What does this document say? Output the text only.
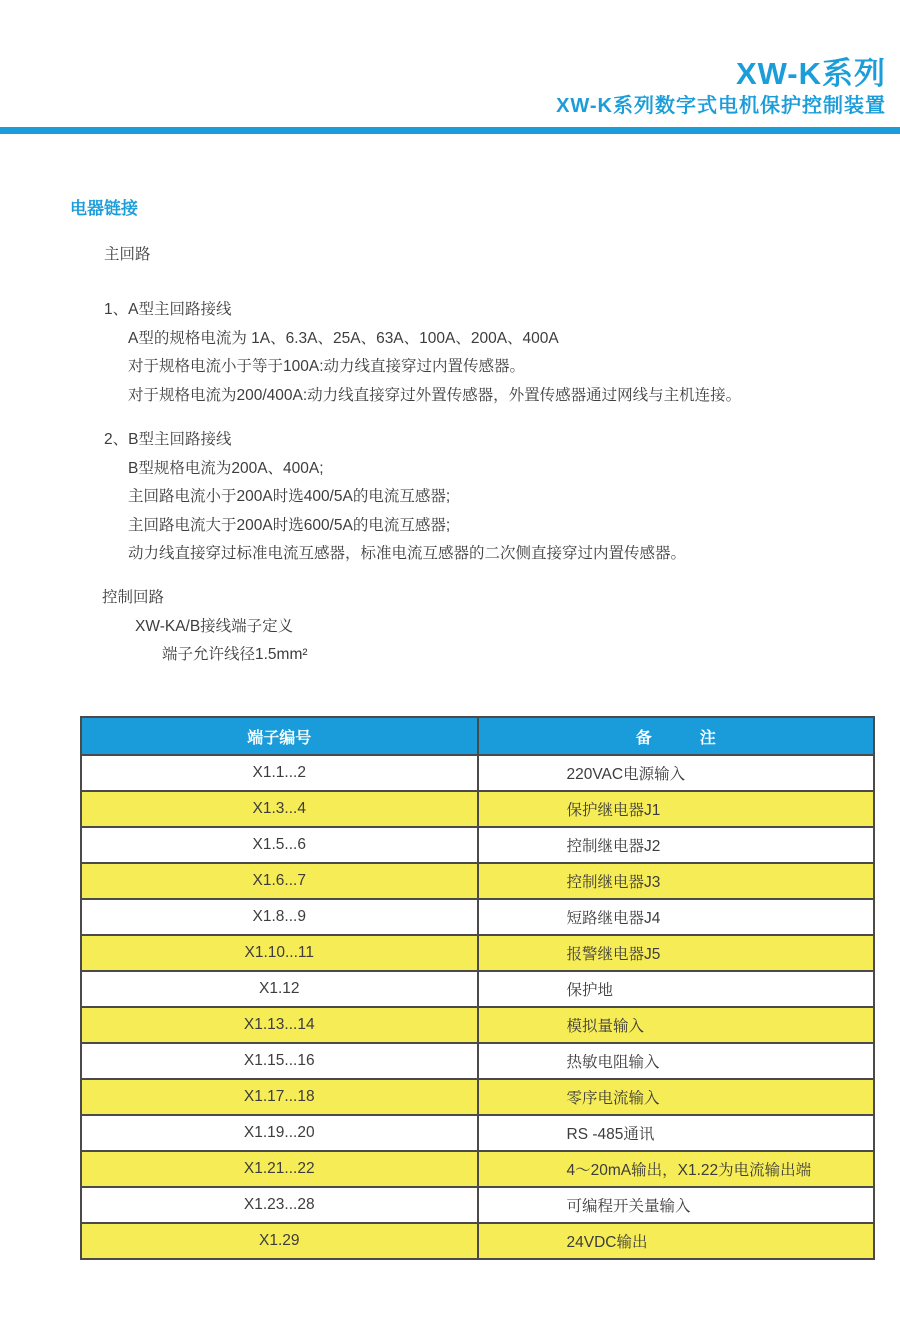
XW-K系列
XW-K系列数字式电机保护控制装置
电器链接
主回路
1、A型主回路接线
A型的规格电流为 1A、6.3A、25A、63A、100A、200A、400A
对于规格电流小于等于100A:动力线直接穿过内置传感器。
对于规格电流为200/400A:动力线直接穿过外置传感器，外置传感器通过网线与主机连接。
2、B型主回路接线
B型规格电流为200A、400A;
主回路电流小于200A时选400/5A的电流互感器;
主回路电流大于200A时选600/5A的电流互感器;
动力线直接穿过标准电流互感器，标准电流互感器的二次侧直接穿过内置传感器。
控制回路
XW-KA/B接线端子定义
端子允许线径1.5mm²
端子编号	备　　　注
X1.1...2	220VAC电源输入
X1.3...4	保护继电器J1
X1.5...6	控制继电器J2
X1.6...7	控制继电器J3
X1.8...9	短路继电器J4
X1.10...11	报警继电器J5
X1.12	保护地
X1.13...14	模拟量输入
X1.15...16	热敏电阻输入
X1.17...18	零序电流输入
X1.19...20	RS -485通讯
X1.21...22	4～20mA输出，X1.22为电流输出端
X1.23...28	可编程开关量输入
X1.29	24VDC输出
